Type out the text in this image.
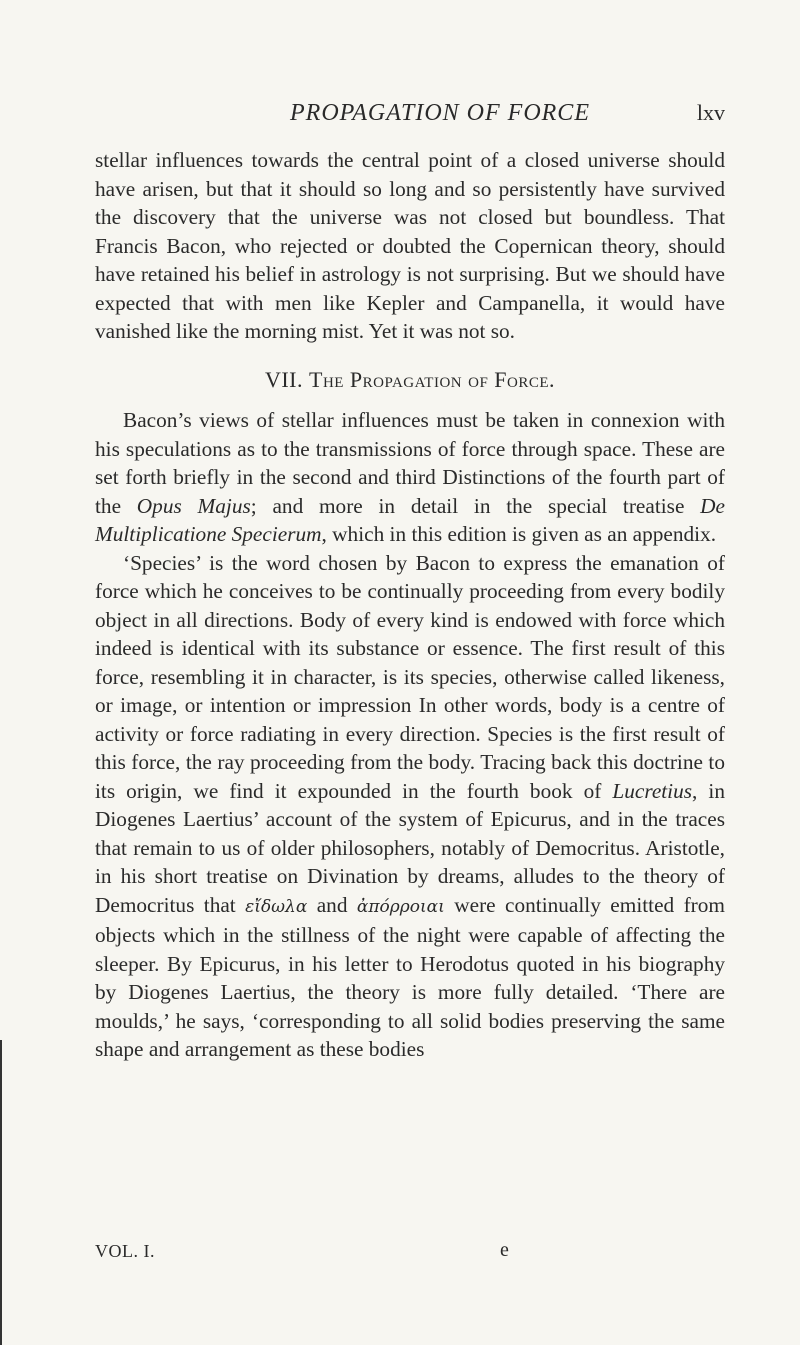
PROPAGATION OF FORCE	lxv

stellar influences towards the central point of a closed universe should have arisen, but that it should so long and so persistently have survived the discovery that the universe was not closed but boundless. That Francis Bacon, who rejected or doubted the Copernican theory, should have retained his belief in astrology is not surprising. But we should have expected that with men like Kepler and Campanella, it would have vanished like the morning mist. Yet it was not so.

VII. The Propagation of Force.

Bacon’s views of stellar influences must be taken in connexion with his speculations as to the transmissions of force through space. These are set forth briefly in the second and third Distinctions of the fourth part of the Opus Majus; and more in detail in the special treatise De Multiplicatione Specierum, which in this edition is given as an appendix.

‘Species’ is the word chosen by Bacon to express the emanation of force which he conceives to be continually proceeding from every bodily object in all directions. Body of every kind is endowed with force which indeed is identical with its substance or essence. The first result of this force, resembling it in character, is its species, otherwise called likeness, or image, or intention or impression In other words, body is a centre of activity or force radiating in every direction. Species is the first result of this force, the ray proceeding from the body. Tracing back this doctrine to its origin, we find it expounded in the fourth book of Lucretius, in Diogenes Laertius’ account of the system of Epicurus, and in the traces that remain to us of older philosophers, notably of Democritus. Aristotle, in his short treatise on Divination by dreams, alludes to the theory of Democritus that εἴδωλα and ἀπόρροιαι were continually emitted from objects which in the stillness of the night were capable of affecting the sleeper. By Epicurus, in his letter to Herodotus quoted in his biography by Diogenes Laertius, the theory is more fully detailed. ‘There are moulds,’ he says, ‘corresponding to all solid bodies preserving the same shape and arrangement as these bodies

VOL. I.	e
